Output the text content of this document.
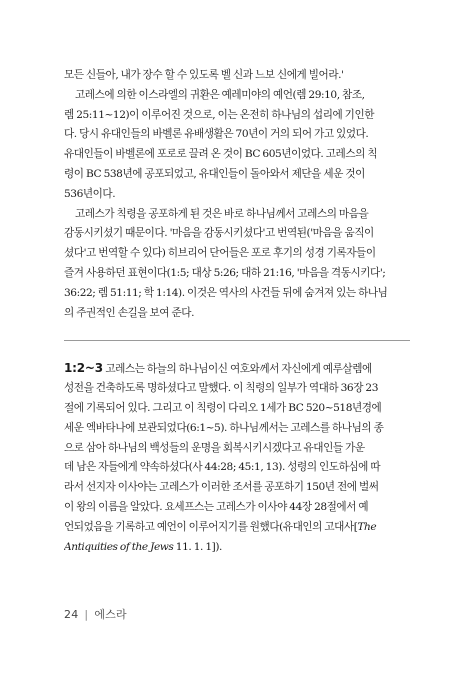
모든 신들아, 내가 장수 할 수 있도록 벨 신과 느보 신에게 빌어라.'

고레스에 의한 이스라엘의 귀환은 예레미야의 예언(렘 29:10, 참조,
렘 25:11~12)이 이루어진 것으로, 이는 온전히 하나님의 섭리에 기인한
다. 당시 유대인들의 바벨론 유배생활은 70년이 거의 되어 가고 있었다.
유대인들이 바벨론에 포로로 끌려 온 것이 BC 605년이었다. 고레스의 칙
령이 BC 538년에 공포되었고, 유대인들이 돌아와서 제단을 세운 것이
536년이다.

고레스가 칙령을 공포하게 된 것은 바로 하나님께서 고레스의 마음을
감동시키셨기 때문이다. '마음을 감동시키셨다'고 번역된('마음을 움직이
셨다'고 번역할 수 있다) 히브리어 단어들은 포로 후기의 성경 기록자들이
즐겨 사용하던 표현이다(1:5; 대상 5:26; 대하 21:16, '마음을 격동시키다';
36:22; 렘 51:11; 학 1:14). 이것은 역사의 사건들 뒤에 숨겨져 있는 하나님
의 주권적인 손길을 보여 준다.

1:2~3 고레스는 하늘의 하나님이신 여호와께서 자신에게 예루살렘에
성전을 건축하도록 명하셨다고 말했다. 이 칙령의 일부가 역대하 36장 23
절에 기록되어 있다. 그리고 이 칙령이 다리오 1세가 BC 520~518년경에
세운 엑바타나에 보관되었다(6:1~5). 하나님께서는 고레스를 하나님의 종
으로 삼아 하나님의 백성들의 운명을 회복시키시겠다고 유대인들 가운
데 남은 자들에게 약속하셨다(사 44:28; 45:1, 13). 성령의 인도하심에 따
라서 선지자 이사야는 고레스가 이러한 조서를 공포하기 150년 전에 벌써
이 왕의 이름을 알았다. 요세프스는 고레스가 이사야 44장 28절에서 예
언되었음을 기록하고 예언이 이루어지기를 원했다(유대인의 고대사[The
Antiquities of the Jews 11. 1. 1]).

24 | 에스라
